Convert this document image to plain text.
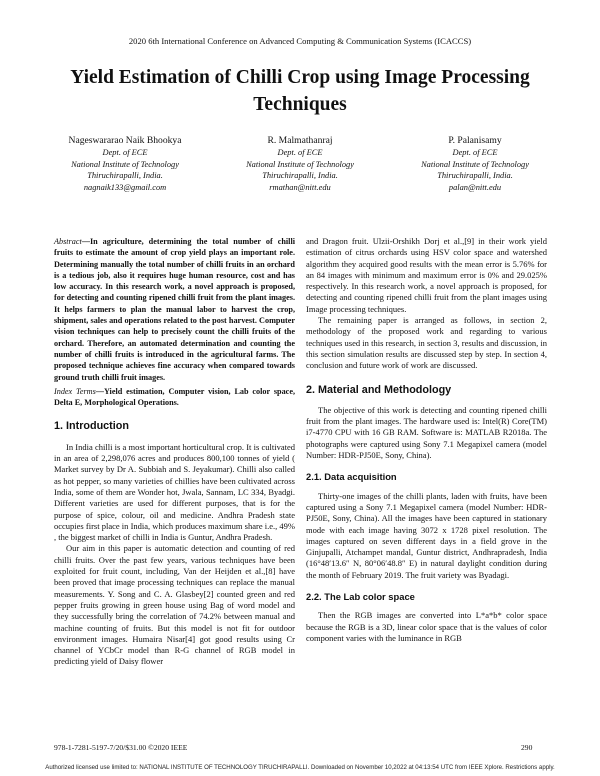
2020 6th International Conference on Advanced Computing & Communication Systems (ICACCS)
Yield Estimation of Chilli Crop using Image Processing Techniques
Nageswararao Naik Bhookya
Dept. of ECE
National Institute of Technology
Thiruchirapalli, India.
nagnaik133@gmail.com
R. Malmathanraj
Dept. of ECE
National Institute of Technology
Thiruchirapalli, India.
rmathan@nitt.edu
P. Palanisamy
Dept. of ECE
National Institute of Technology
Thiruchirapalli, India.
palan@nitt.edu

Abstract—In agriculture, determining the total number of chilli fruits to estimate the amount of crop yield plays an important role. Determining manually the total number of chilli fruits in an orchard is a tedious job, also it requires huge human resource, cost and has low accuracy. In this research work, a novel approach is proposed, for detecting and counting ripened chilli fruit from the plant images. It helps farmers to plan the manual labor to harvest the crop, shipment, sales and operations related to the post harvest. Computer vision techniques can help to precisely count the chilli fruits of the orchard. Therefore, an automated determination and counting the number of chilli fruits is introduced in the agricultural farms. The proposed technique achieves fine accuracy when compared towards ground truth chilli fruit images.

Index Terms—Yield estimation, Computer vision, Lab color space, Delta E, Morphological Operations.

1. Introduction

In India chilli is a most important horticultural crop. It is cultivated in an area of 2,298,076 acres and produces 800,100 tonnes of yield ( Market survey by Dr A. Subbiah and S. Jeyakumar). Chilli also called as hot pepper, so many varieties of chillies have been cultivated across India, some of them are Wonder hot, Jwala, Sannam, LC 334, Byadgi. Different varieties are used for different purposes, that is for the purpose of spice, colour, oil and medicine. Andhra Pradesh state occupies first place in India, which produces maximum share i.e., 49% , the biggest market of chilli in India is Guntur, Andhra Pradesh.

Our aim in this paper is automatic detection and counting of red chilli fruits. Over the past few years, various techniques have been exploited for fruit count, including, Van der Heijden et al.,[8] have been proved that image processing techniques can replace the manual measurements. Y. Song and C. A. Glasbey[2] counted green and red pepper fruits growing in green house using Bag of word model and they successfully bring the correlation of 74.2% between manual and machine counting of fruits. But this model is not fit for outdoor environment images. Humaira Nisar[4] got good results using Cr channel of YCbCr model than R-G channel of RGB model in predicting yield of Daisy flower

and Dragon fruit. Ulzii-Orshikh Dorj et al.,[9] in their work yield estimation of citrus orchards using HSV color space and watershed algorithm they acquired good results with the mean error is 5.76% for an 84 images with minimum and maximum error is 0% and 29.025% respectively. In this research work, a novel approach is proposed, for detecting and counting ripened chilli fruit from the plant images using Image processing techniques.

The remaining paper is arranged as follows, in section 2, methodology of the proposed work and regarding to various techniques used in this research, in section 3, results and discussion, in this section simulation results are discussed step by step. In section 4, conclusion and future work of work are discussed.

2. Material and Methodology

The objective of this work is detecting and counting ripened chilli fruit from the plant images. The hardware used is: Intel(R) Core(TM) i7-4770 CPU with 16 GB RAM. Software is: MATLAB R2018a. The photographs were captured using Sony 7.1 Megapixel camera (model Number: HDR-PJ50E, Sony, China).

2.1. Data acquisition

Thirty-one images of the chilli plants, laden with fruits, have been captured using a Sony 7.1 Megapixel camera (model Number: HDR-PJ50E, Sony, China). All the images have been captured in stationary mode with each image having 3072 x 1728 pixel resolution. The images captured on seven different days in a field grove in the Ginjupalli, Atchampet mandal, Guntur district, Andhrapradesh, India (16°48′13.6″ N, 80°06′48.8″ E) in natural daylight condition during the month of February 2019. The fruit variety was Byadagi.

2.2. The Lab color space

Then the RGB images are converted into L*a*b* color space because the RGB is a 3D, linear color space that is the values of color component varies with the luminance in RGB

978-1-7281-5197-7/20/$31.00 ©2020 IEEE	290
Authorized licensed use limited to: NATIONAL INSTITUTE OF TECHNOLOGY TIRUCHIRAPALLI. Downloaded on November 10,2022 at 04:13:54 UTC from IEEE Xplore. Restrictions apply.
